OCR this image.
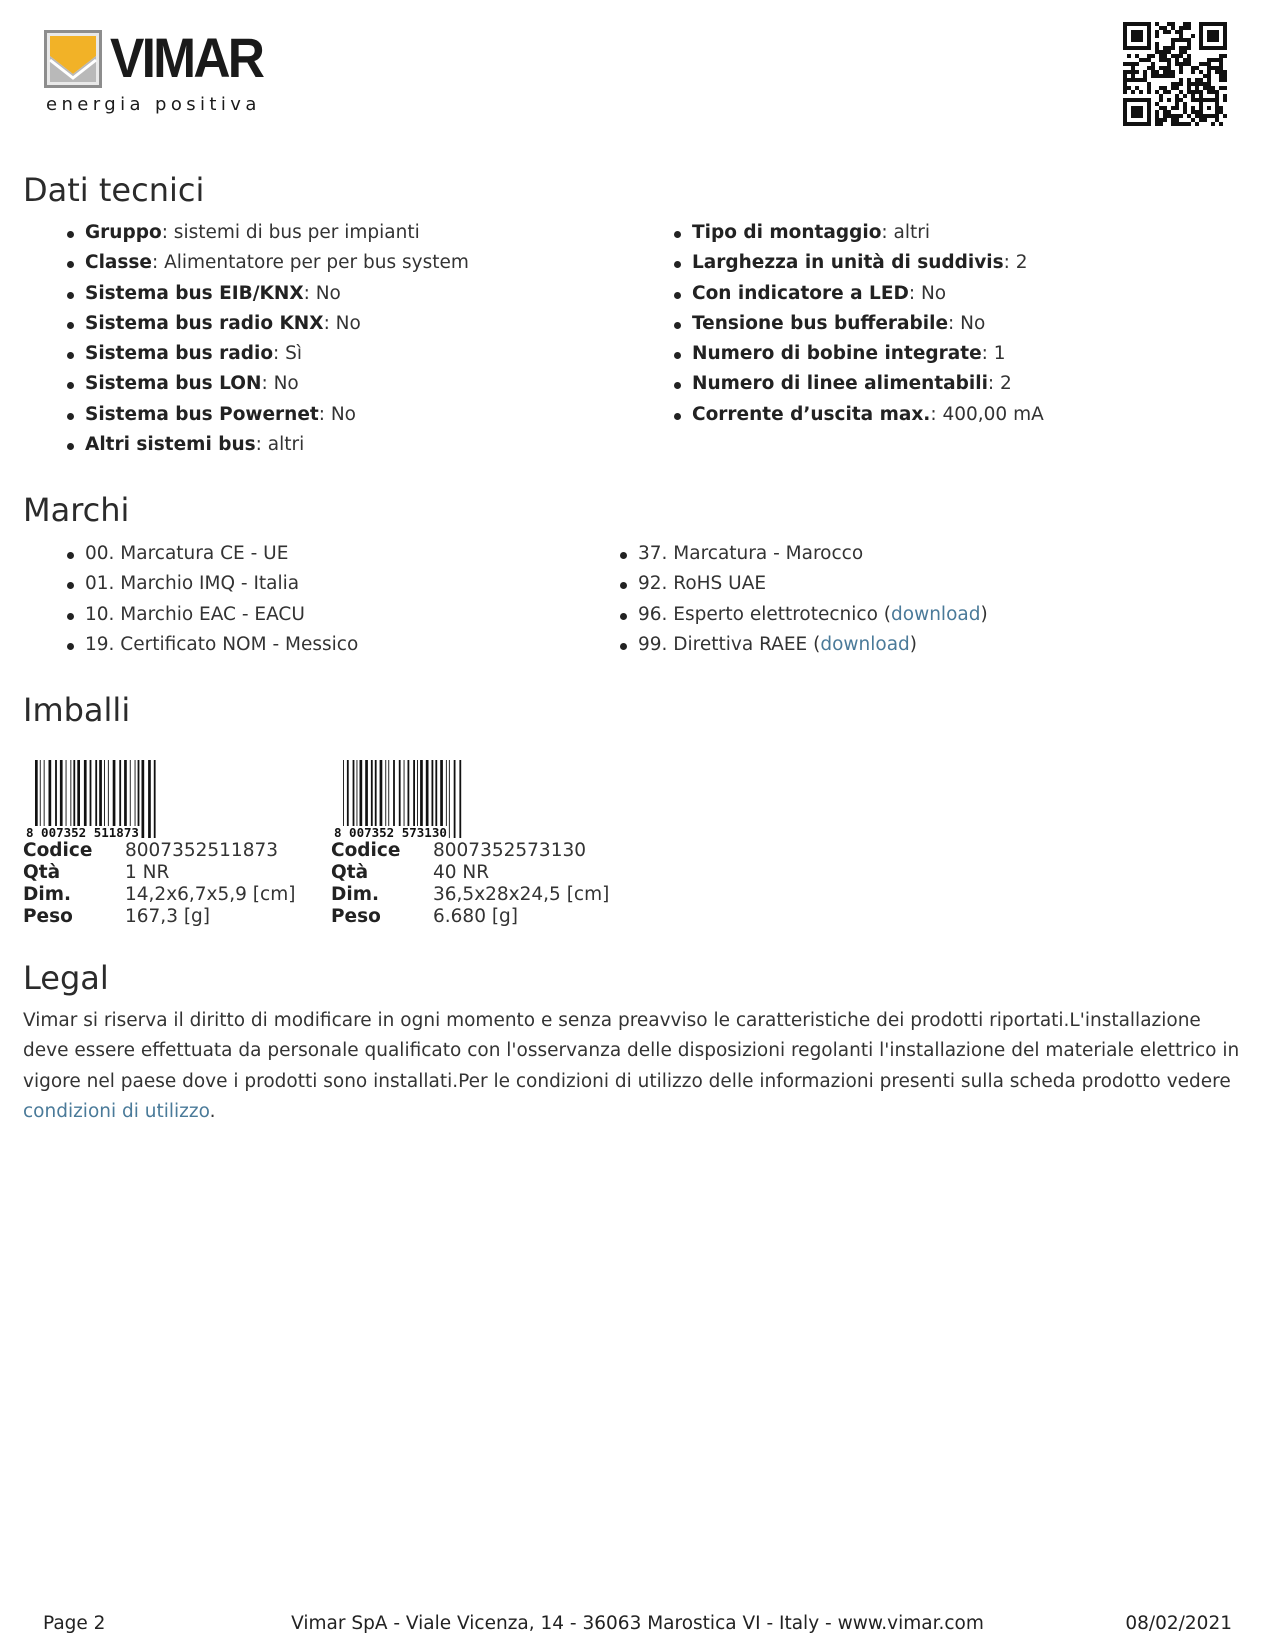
VIMAR
energia positiva
Dati tecnici
Gruppo: sistemi di bus per impianti
Classe: Alimentatore per per bus system
Sistema bus EIB/KNX: No
Sistema bus radio KNX: No
Sistema bus radio: Sì
Sistema bus LON: No
Sistema bus Powernet: No
Altri sistemi bus: altri
Tipo di montaggio: altri
Larghezza in unità di suddivis: 2
Con indicatore a LED: No
Tensione bus bufferabile: No
Numero di bobine integrate: 1
Numero di linee alimentabili: 2
Corrente d’uscita max.: 400,00 mA
Marchi
00. Marcatura CE - UE
01. Marchio IMQ - Italia
10. Marchio EAC - EACU
19. Certificato NOM - Messico
37. Marcatura - Marocco
92. RoHS UAE
96. Esperto elettrotecnico (download)
99. Direttiva RAEE (download)
Imballi
8 007352 511873
Codice	8007352511873
Qtà	1 NR
Dim.	14,2x6,7x5,9 [cm]
Peso	167,3 [g]
8 007352 573130
Codice	8007352573130
Qtà	40 NR
Dim.	36,5x28x24,5 [cm]
Peso	6.680 [g]
Legal

Vimar si riserva il diritto di modificare in ogni momento e senza preavviso le caratteristiche dei prodotti riportati.L'installazione deve essere effettuata da personale qualificato con l'osservanza delle disposizioni regolanti l'installazione del materiale elettrico in vigore nel paese dove i prodotti sono installati.Per le condizioni di utilizzo delle informazioni presenti sulla scheda prodotto vedere condizioni di utilizzo.

Page 2	Vimar SpA - Viale Vicenza, 14 - 36063 Marostica VI - Italy - www.vimar.com	08/02/2021
